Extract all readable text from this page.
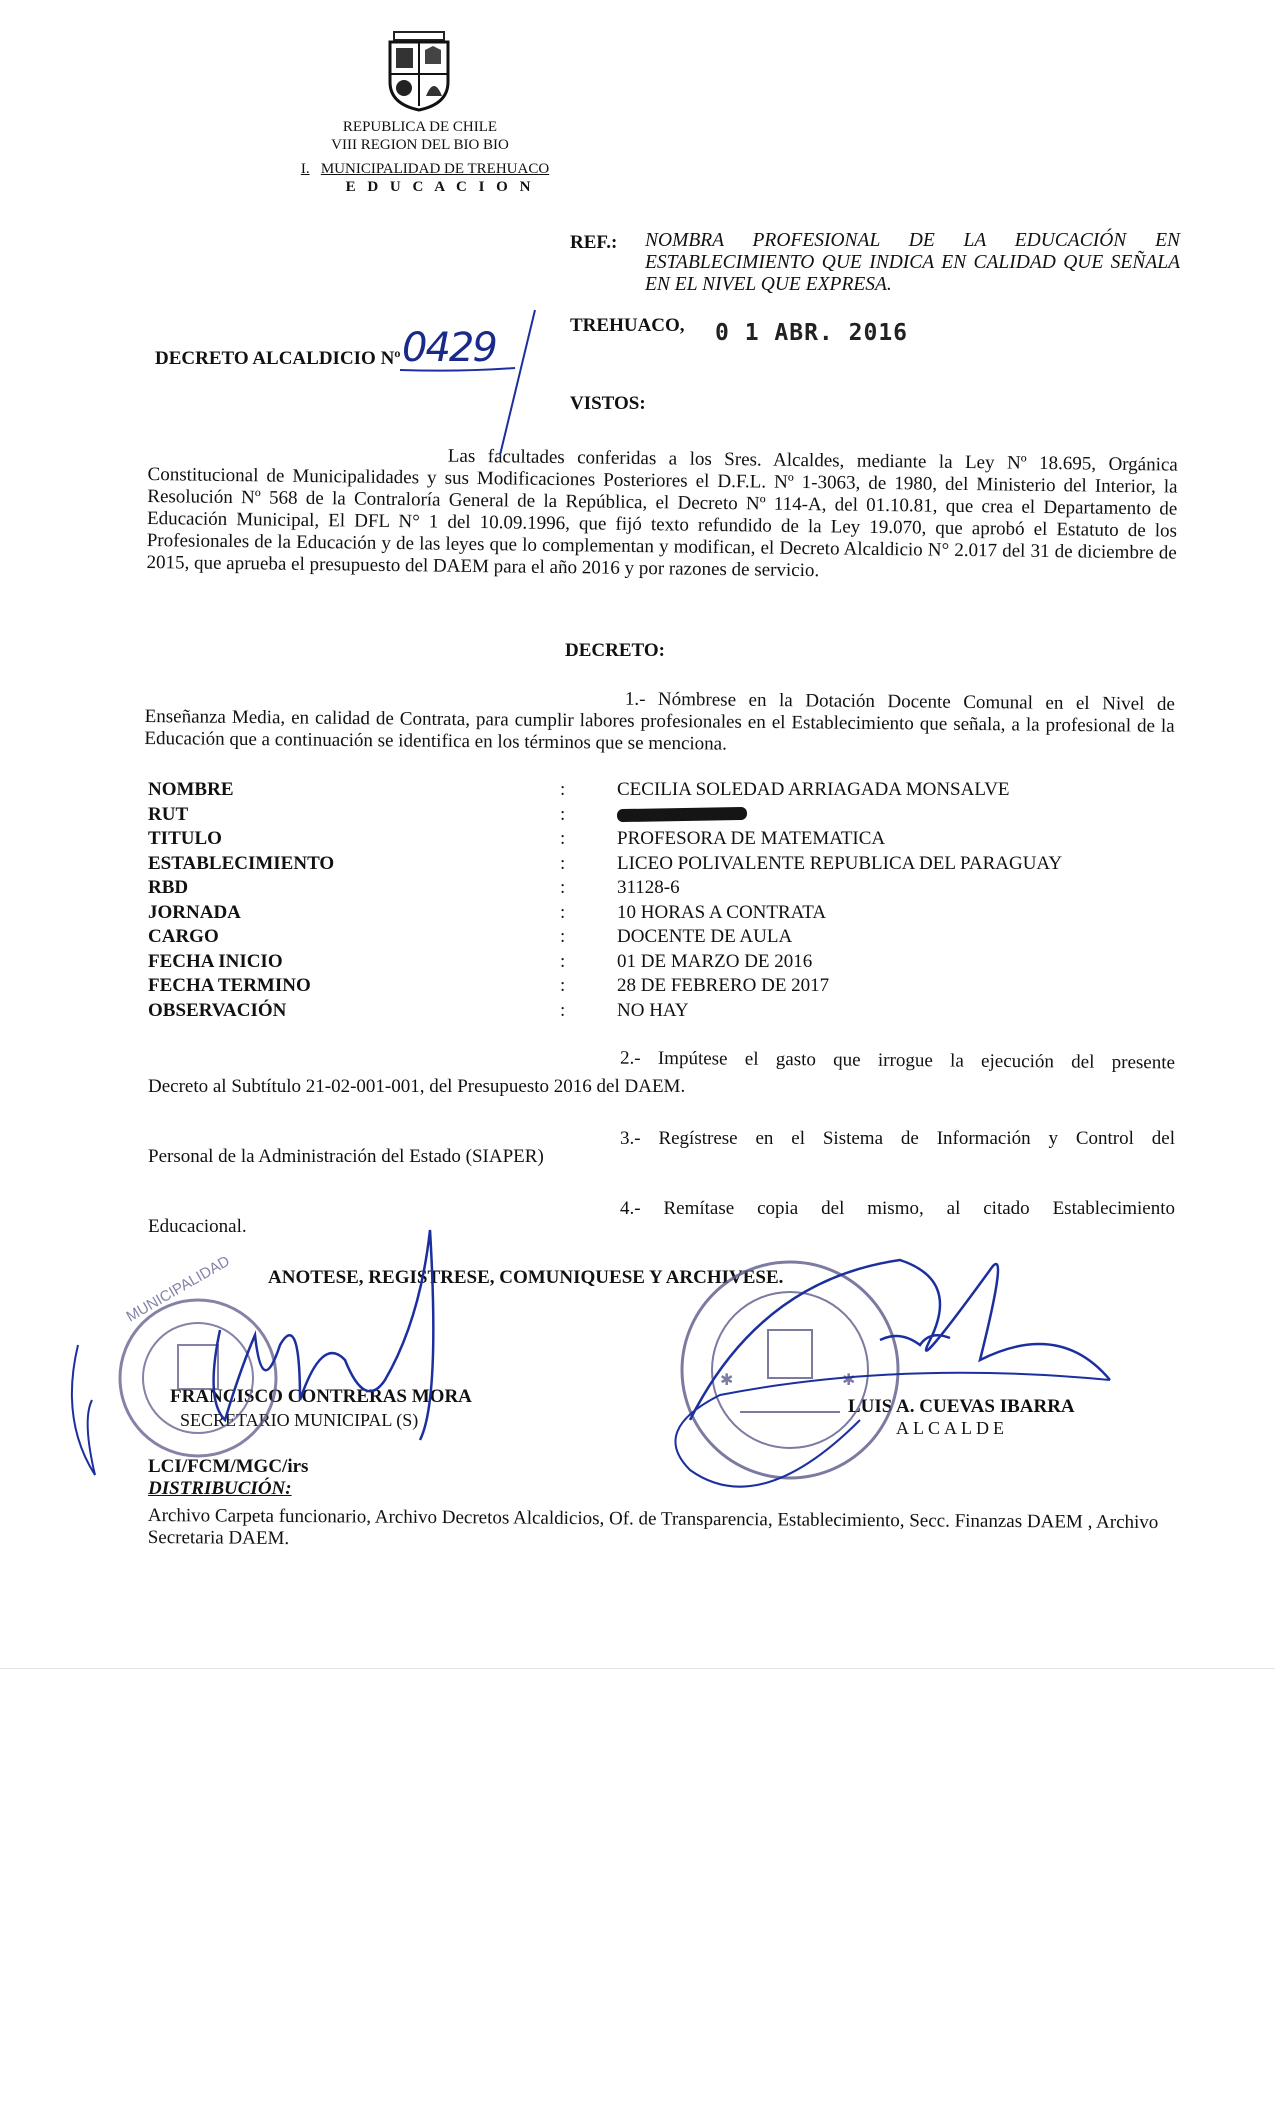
REPUBLICA DE CHILE
VIII REGION DEL BIO BIO
I. MUNICIPALIDAD DE TREHUACO
E D U C A C I O N
REF.: NOMBRA PROFESIONAL DE LA EDUCACIÓN EN ESTABLECIMIENTO QUE INDICA EN CALIDAD QUE SEÑALA EN EL NIVEL QUE EXPRESA.
TREHUACO, 0 1 ABR. 2016
DECRETO ALCALDICIO Nº 0429
VISTOS:
Las facultades conferidas a los Sres. Alcaldes, mediante la Ley Nº 18.695, Orgánica Constitucional de Municipalidades y sus Modificaciones Posteriores el D.F.L. Nº 1-3063, de 1980, del Ministerio del Interior, la Resolución Nº 568 de la Contraloría General de la República, el Decreto Nº 114-A, del 01.10.81, que crea el Departamento de Educación Municipal, El DFL N° 1 del 10.09.1996, que fijó texto refundido de la Ley 19.070, que aprobó el Estatuto de los Profesionales de la Educación y de las leyes que lo complementan y modifican, el Decreto Alcaldicio N° 2.017 del 31 de diciembre de 2015, que aprueba el presupuesto del DAEM para el año 2016 y por razones de servicio.
DECRETO:
1.- Nómbrese en la Dotación Docente Comunal en el Nivel de Enseñanza Media, en calidad de Contrata, para cumplir labores profesionales en el Establecimiento que señala, a la profesional de la Educación que a continuación se identifica en los términos que se menciona.
NOMBRE	:	CECILIA SOLEDAD ARRIAGADA MONSALVE
RUT	:
TITULO	:	PROFESORA DE MATEMATICA
ESTABLECIMIENTO	:	LICEO POLIVALENTE REPUBLICA DEL PARAGUAY
RBD	:	31128-6
JORNADA	:	10 HORAS A CONTRATA
CARGO	:	DOCENTE DE AULA
FECHA INICIO	:	01 DE MARZO DE 2016
FECHA TERMINO	:	28 DE FEBRERO DE 2017
OBSERVACIÓN	:	NO HAY
2.- Impútese el gasto que irrogue la ejecución del presente
Decreto al Subtítulo 21-02-001-001, del Presupuesto 2016 del DAEM.
3.- Regístrese en el Sistema de Información y Control del
Personal de la Administración del Estado (SIAPER)
4.- Remítase copia del mismo, al citado Establecimiento
Educacional.
ANOTESE, REGISTRESE, COMUNIQUESE Y ARCHIVESE.
FRANCISCO CONTRERAS MORA
SECRETARIO MUNICIPAL (S)
LUIS A. CUEVAS IBARRA
ALCALDE
LCI/FCM/MGC/irs
DISTRIBUCIÓN:
Archivo Carpeta funcionario, Archivo Decretos Alcaldicios, Of. de Transparencia, Establecimiento, Secc. Finanzas DAEM , Archivo Secretaria DAEM.
MUNICIPALIDAD
✱	✱
